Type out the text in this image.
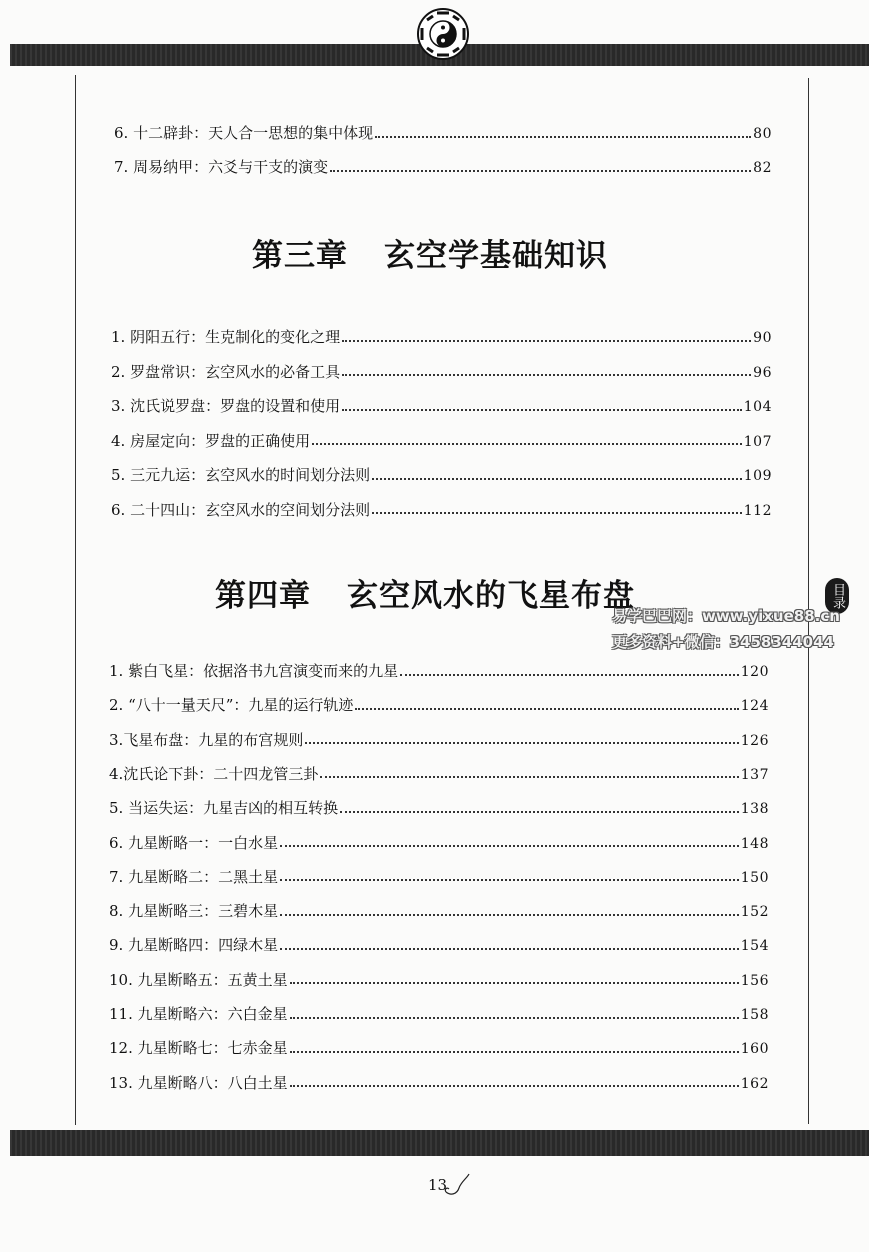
6. 十二辟卦：天人合一思想的集中体现	80
7. 周易纳甲：六爻与干支的演变	82
第三章 玄空学基础知识
1. 阴阳五行：生克制化的变化之理	90
2. 罗盘常识：玄空风水的必备工具	96
3. 沈氏说罗盘：罗盘的设置和使用	104
4. 房屋定向：罗盘的正确使用	107
5. 三元九运：玄空风水的时间划分法则	109
6. 二十四山：玄空风水的空间划分法则	112
第四章 玄空风水的飞星布盘
1. 紫白飞星：依据洛书九宫演变而来的九星	120
2. “八十一量天尺”：九星的运行轨迹	124
3.飞星布盘：九星的布宫规则	126
4.沈氏论下卦：二十四龙管三卦	137
5. 当运失运：九星吉凶的相互转换	138
6. 九星断略一：一白水星	148
7. 九星断略二：二黑土星	150
8. 九星断略三：三碧木星	152
9. 九星断略四：四绿木星	154
10. 九星断略五：五黄土星	156
11. 九星断略六：六白金星	158
12. 九星断略七：七赤金星	160
13. 九星断略八：八白土星	162
目录
易学巴巴网：www.yixue88.cn
更多资料+微信：3458344044
13
